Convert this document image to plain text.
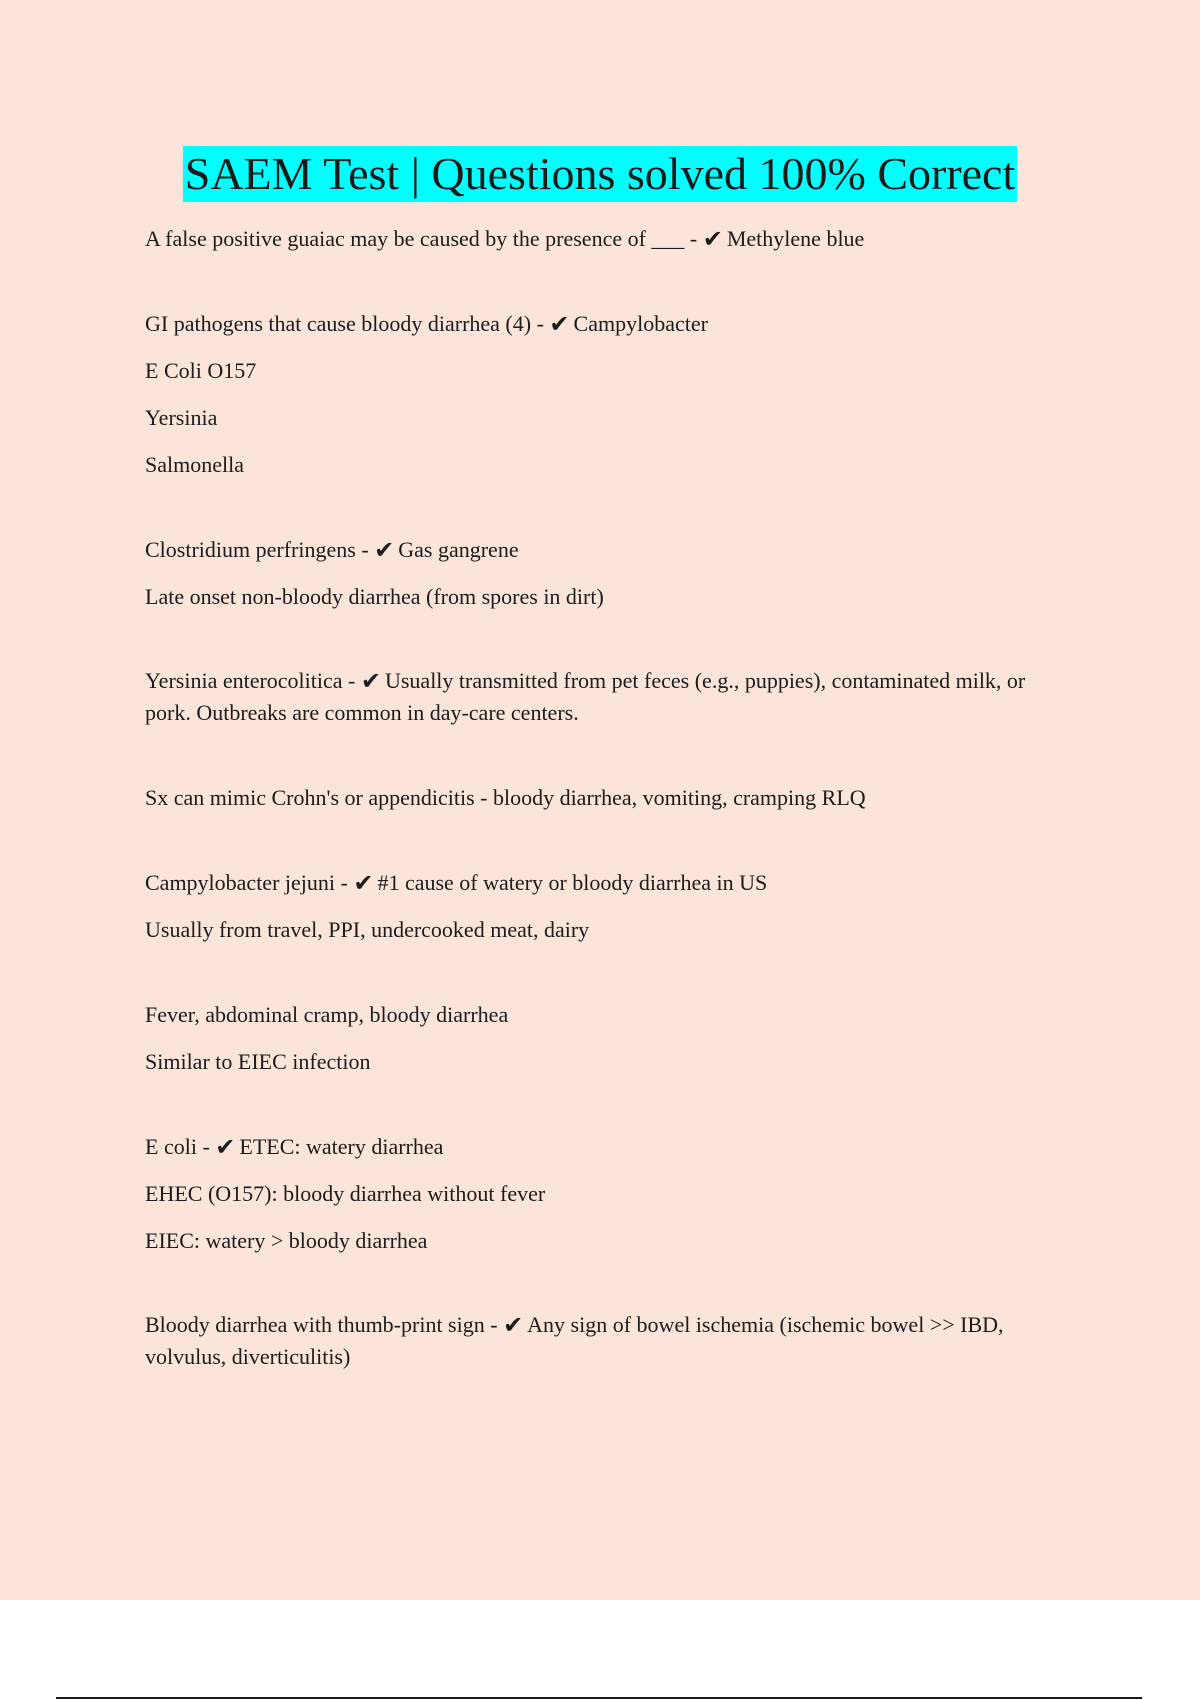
SAEM Test | Questions solved 100% Correct
A false positive guaiac may be caused by the presence of ___ - ✔ Methylene blue
GI pathogens that cause bloody diarrhea (4) - ✔ Campylobacter
E Coli O157
Yersinia
Salmonella
Clostridium perfringens - ✔ Gas gangrene
Late onset non-bloody diarrhea (from spores in dirt)
Yersinia enterocolitica - ✔ Usually transmitted from pet feces (e.g., puppies), contaminated milk, or pork. Outbreaks are common in day-care centers.
Sx can mimic Crohn's or appendicitis - bloody diarrhea, vomiting, cramping RLQ
Campylobacter jejuni - ✔ #1 cause of watery or bloody diarrhea in US
Usually from travel, PPI, undercooked meat, dairy
Fever, abdominal cramp, bloody diarrhea
Similar to EIEC infection
E coli - ✔ ETEC: watery diarrhea
EHEC (O157): bloody diarrhea without fever
EIEC: watery > bloody diarrhea
Bloody diarrhea with thumb-print sign - ✔ Any sign of bowel ischemia (ischemic bowel >> IBD, volvulus, diverticulitis)
